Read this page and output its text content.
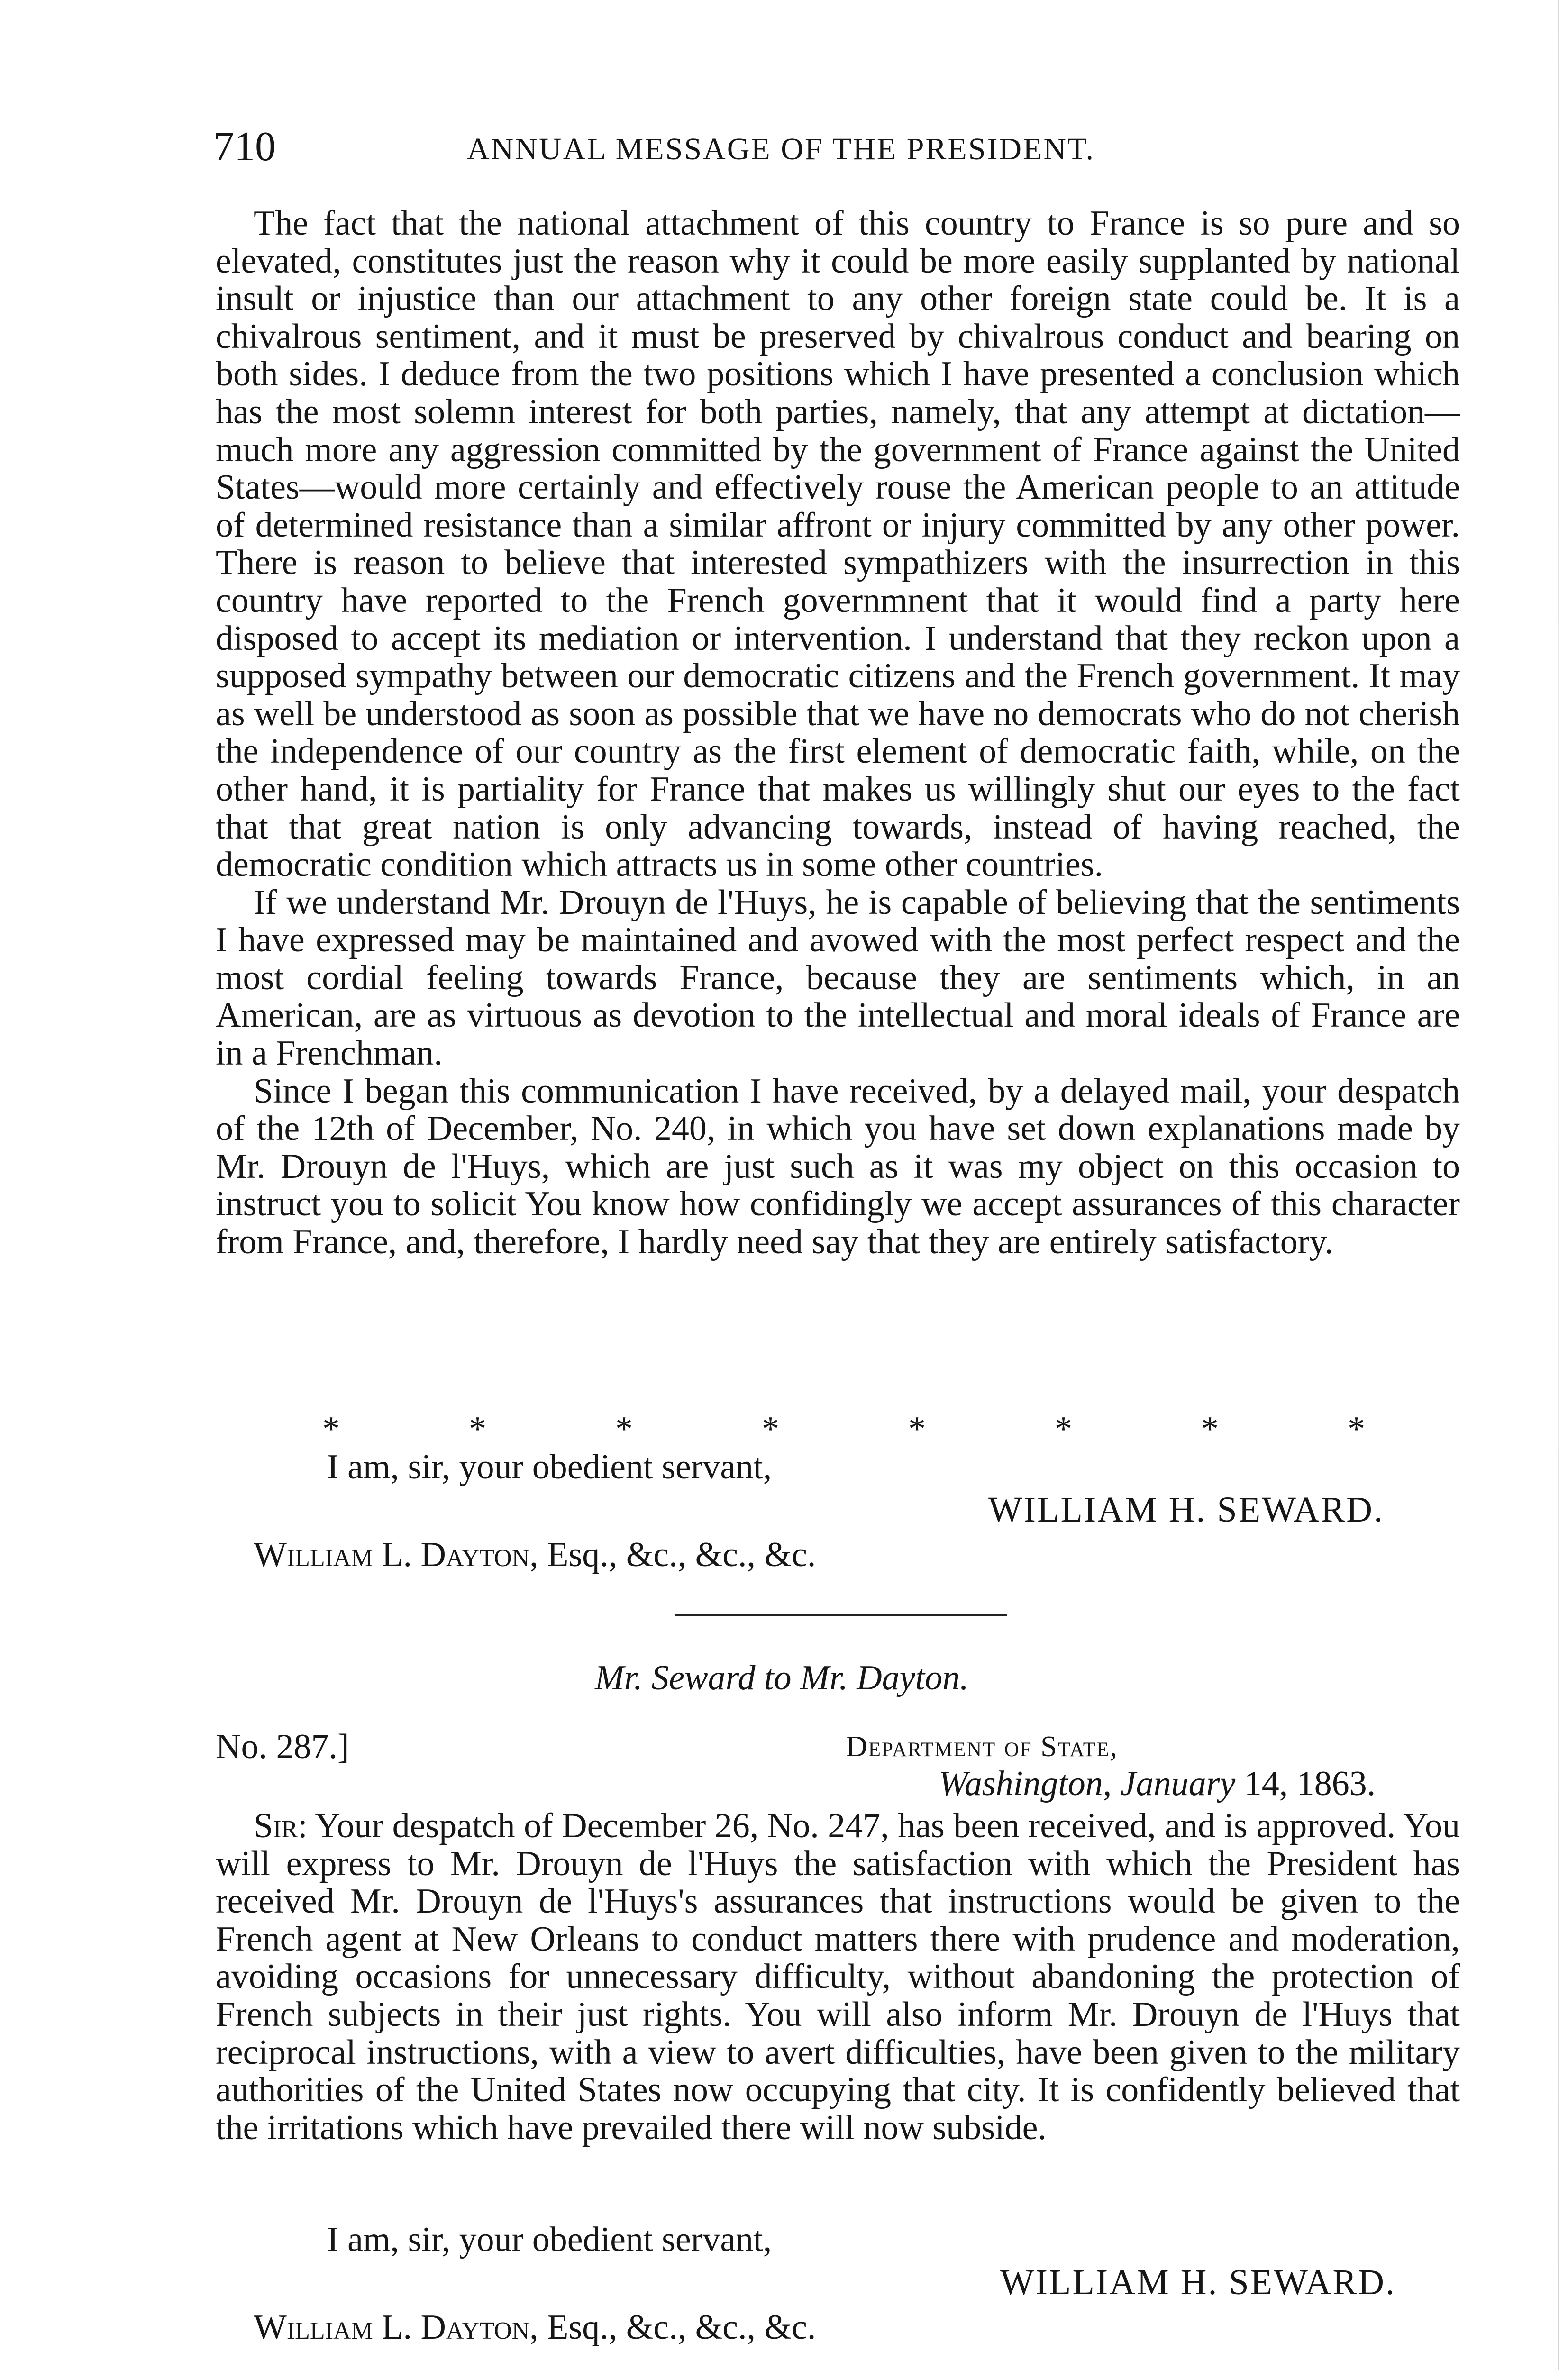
710	ANNUAL MESSAGE OF THE PRESIDENT.

The fact that the national attachment of this country to France is so pure and so elevated, constitutes just the reason why it could be more easily supplanted by national insult or injustice than our attachment to any other foreign state could be. It is a chivalrous sentiment, and it must be preserved by chivalrous conduct and bearing on both sides. I deduce from the two positions which I have presented a conclusion which has the most solemn interest for both parties, namely, that any attempt at dictation—much more any aggression committed by the government of France against the United States—would more certainly and effectively rouse the American people to an attitude of determined resistance than a similar affront or injury committed by any other power. There is reason to believe that interested sympathizers with the insurrection in this country have reported to the French governmnent that it would find a party here disposed to accept its mediation or intervention. I understand that they reckon upon a supposed sympathy between our democratic citizens and the French government. It may as well be understood as soon as possible that we have no democrats who do not cherish the independence of our country as the first element of democratic faith, while, on the other hand, it is partiality for France that makes us willingly shut our eyes to the fact that that great nation is only advancing towards, instead of having reached, the democratic condition which attracts us in some other countries.

If we understand Mr. Drouyn de l'Huys, he is capable of believing that the sentiments I have expressed may be maintained and avowed with the most perfect respect and the most cordial feeling towards France, because they are sentiments which, in an American, are as virtuous as devotion to the intellectual and moral ideals of France are in a Frenchman.

Since I began this communication I have received, by a delayed mail, your despatch of the 12th of December, No. 240, in which you have set down explanations made by Mr. Drouyn de l'Huys, which are just such as it was my object on this occasion to instruct you to solicit You know how confidingly we accept assurances of this character from France, and, therefore, I hardly need say that they are entirely satisfactory.

*	*	*	*	*	*	*	*
I am, sir, your obedient servant,
WILLIAM H. SEWARD.
William L. Dayton, Esq., &c., &c., &c.
Mr. Seward to Mr. Dayton.
No. 287.]	Department of State,
Washington, January 14, 1863.

Sir: Your despatch of December 26, No. 247, has been received, and is approved. You will express to Mr. Drouyn de l'Huys the satisfaction with which the President has received Mr. Drouyn de l'Huys's assurances that instructions would be given to the French agent at New Orleans to conduct matters there with prudence and moderation, avoiding occasions for unnecessary difficulty, without abandoning the protection of French subjects in their just rights. You will also inform Mr. Drouyn de l'Huys that reciprocal instructions, with a view to avert difficulties, have been given to the military authorities of the United States now occupying that city. It is confidently believed that the irritations which have prevailed there will now subside.

I am, sir, your obedient servant,
WILLIAM H. SEWARD.
William L. Dayton, Esq., &c., &c., &c.
